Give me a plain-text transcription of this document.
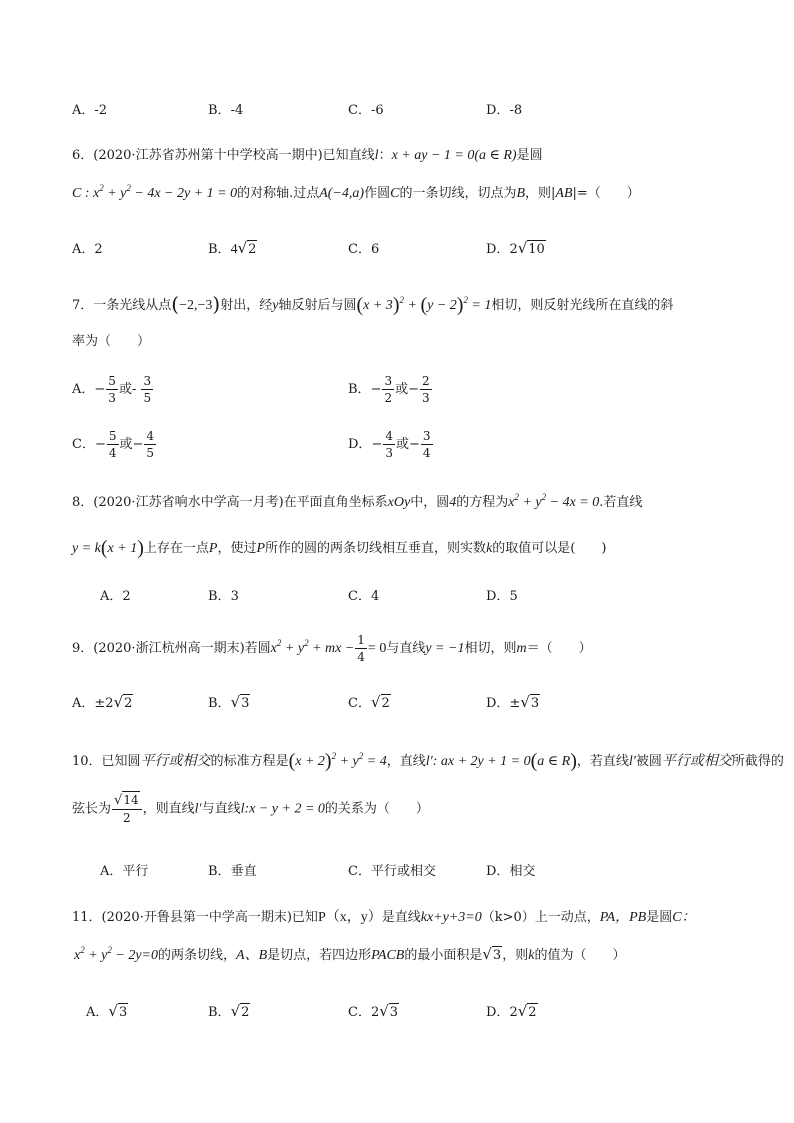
A．-2	B．-4	C．-6	D．-8
6．(2020·江苏省苏州第十中学校高一期中)已知直线l：x + ay − 1 = 0(a ∈ R)是圆
C : $x^2 + y^2 - 4x - 2y + 1 = 0$的对称轴.过点A(−4,a)作圆C的一条切线，切点为B，则|AB|=（　　）
A．2	B．4√2	C．6	D．2√10
7．一条光线从点(−2,−3)射出，经y轴反射后与圆$(x + 3)^2 + (y - 2)^2 = 1$相切，则反射光线所在直线的斜
率为（　　）
A．− $\frac{5}{3}$ 或- $\frac{3}{5}$	B．− $\frac{3}{2}$ 或− $\frac{2}{3}$
C．− $\frac{5}{4}$ 或− $\frac{4}{5}$	D．− $\frac{4}{3}$ 或− $\frac{3}{4}$
8．(2020·江苏省响水中学高一月考)在平面直角坐标系xOy中，圆4的方程为$x^2 + y^2 - 4x = 0$.若直线
y = k(x + 1)上存在一点P，使过P所作的圆的两条切线相互垂直，则实数k的取值可以是(　　)
A．2	B．3	C．4	D．5
9．(2020·浙江杭州高一期末)若圆$x^2 + y^2$ + mx − $\frac{1}{4} = 0$与直线y = −1相切，则m＝（　　）
A．±2√2	B．√3	C．√2	D．±√3
10．已知圆平行或相交的标准方程是$(x + 2)^2 + y^2 = 4$，直线l′: ax + 2y + 1 = 0(a ∈ R)，若直线l′被圆平行或相交所截得的
弦长为 $\frac{√14}{2}$ ，则直线l′与直线l:x − y + 2 = 0的关系为（　　）
A．平行	B．垂直	C．平行或相交	D．相交
11．(2020·开鲁县第一中学高一期末)已知P（x，y）是直线kx+y+3=0（k>0）上一动点，PA，PB是圆C：
$x^2 + y^2 - 2y=0$的两条切线，A、B是切点，若四边形PACB的最小面积是√3，则k的值为（　　）
A．√3	B．√2	C．2√3	D．2√2
